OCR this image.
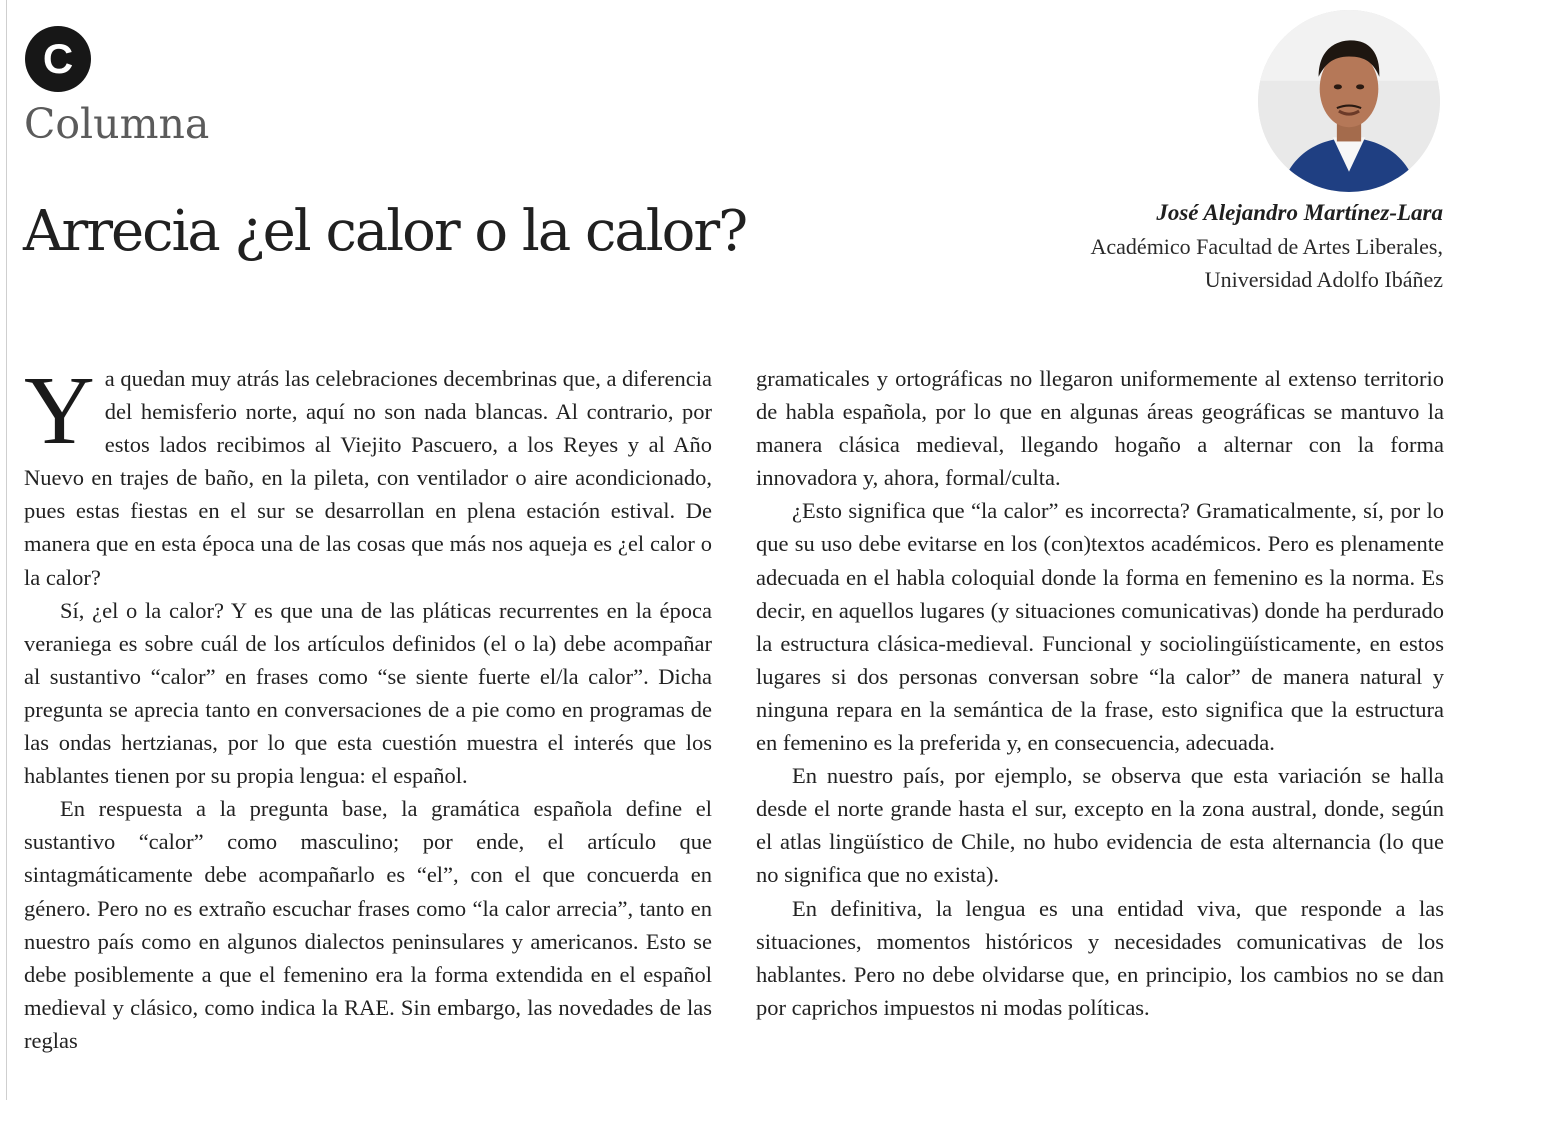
C
Columna
Arrecia ¿el calor o la calor?	José Alejandro Martínez-Lara

Académico Facultad de Artes Liberales,

Universidad Adolfo Ibáñez

Ya quedan muy atrás las celebraciones decembrinas que, a diferencia del hemisferio norte, aquí no son nada blancas. Al contrario, por estos lados recibimos al Viejito Pascuero, a los Reyes y al Año Nuevo en trajes de baño, en la pileta, con ventilador o aire acondicionado, pues estas fiestas en el sur se desarrollan en plena estación estival. De manera que en esta época una de las cosas que más nos aqueja es ¿el calor o la calor?

Sí, ¿el o la calor? Y es que una de las pláticas recurrentes en la época veraniega es sobre cuál de los artículos definidos (el o la) debe acompañar al sustantivo “calor” en frases como “se siente fuerte el/la calor”. Dicha pregunta se aprecia tanto en conversaciones de a pie como en programas de las ondas hertzianas, por lo que esta cuestión muestra el interés que los hablantes tienen por su propia lengua: el español.

En respuesta a la pregunta base, la gramática española define el sustantivo “calor” como masculino; por ende, el artículo que sintagmáticamente debe acompañarlo es “el”, con el que concuerda en género. Pero no es extraño escuchar frases como “la calor arrecia”, tanto en nuestro país como en algunos dialectos peninsulares y americanos. Esto se debe posiblemente a que el femenino era la forma extendida en el español medieval y clásico, como indica la RAE. Sin embargo, las novedades de las reglas

gramaticales y ortográficas no llegaron uniformemente al extenso territorio de habla española, por lo que en algunas áreas geográficas se mantuvo la manera clásica medieval, llegando hogaño a alternar con la forma innovadora y, ahora, formal/culta.

¿Esto significa que “la calor” es incorrecta? Gramaticalmente, sí, por lo que su uso debe evitarse en los (con)textos académicos. Pero es plenamente adecuada en el habla coloquial donde la forma en femenino es la norma. Es decir, en aquellos lugares (y situaciones comunicativas) donde ha perdurado la estructura clásica-medieval. Funcional y sociolingüísticamente, en estos lugares si dos personas conversan sobre “la calor” de manera natural y ninguna repara en la semántica de la frase, esto significa que la estructura en femenino es la preferida y, en consecuencia, adecuada.

En nuestro país, por ejemplo, se observa que esta variación se halla desde el norte grande hasta el sur, excepto en la zona austral, donde, según el atlas lingüístico de Chile, no hubo evidencia de esta alternancia (lo que no significa que no exista).

En definitiva, la lengua es una entidad viva, que responde a las situaciones, momentos históricos y necesidades comunicativas de los hablantes. Pero no debe olvidarse que, en principio, los cambios no se dan por caprichos impuestos ni modas políticas.
